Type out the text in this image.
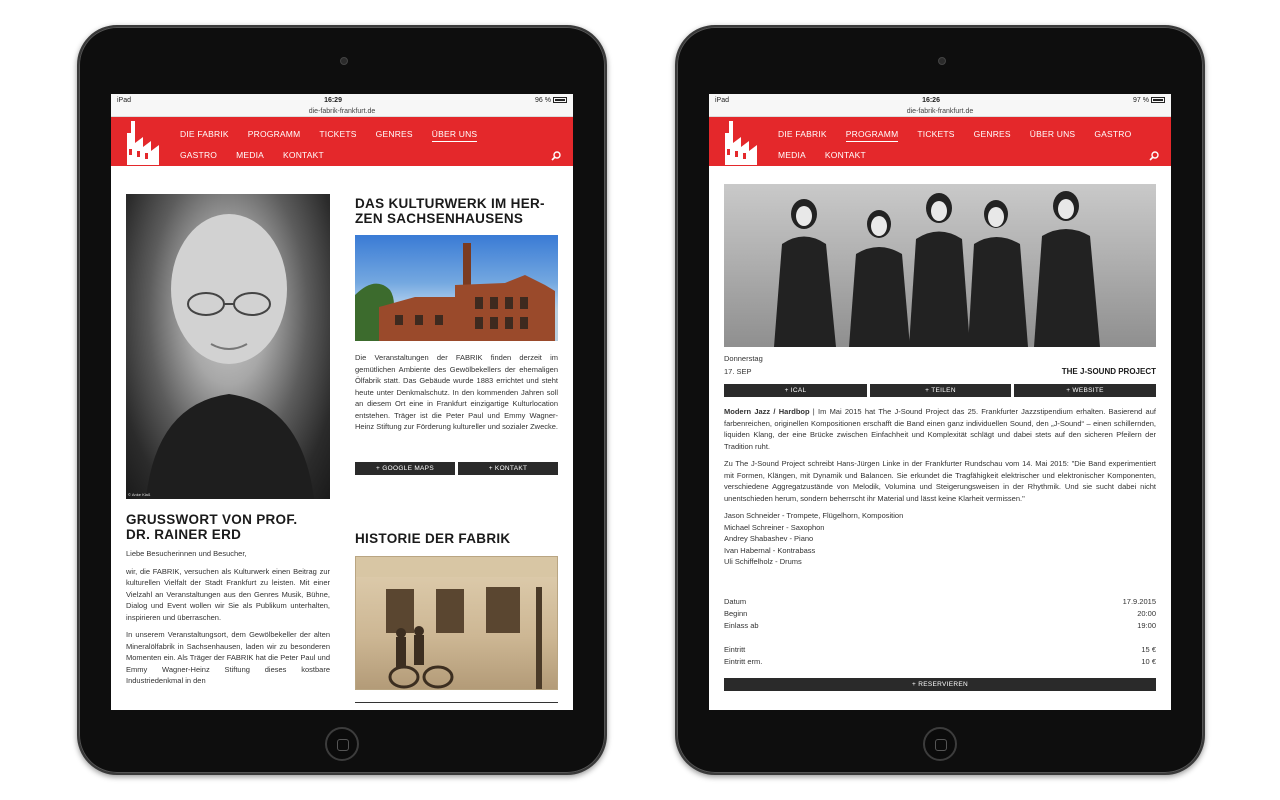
iPad	16:29	96 %
die-fabrik-frankfurt.de
DIE FABRIK PROGRAMM TICKETS GENRES ÜBER UNS
GASTRO MEDIA KONTAKT
© Anke Klaß
GRUSSWORT VON PROF.
DR. RAINER ERD

Liebe Besucherinnen und Besucher,

wir, die FABRIK, versuchen als Kulturwerk einen Beitrag zur kulturellen Vielfalt der Stadt Frankfurt zu leisten. Mit einer Vielzahl an Veranstaltungen aus den Genres Musik, Bühne, Dialog und Event wollen wir Sie als Publikum unterhalten, inspirieren und überraschen.

In unserem Veranstaltungsort, dem Gewölbekeller der alten Mineralölfabrik in Sachsenhausen, laden wir zu besonderen Momenten ein. Als Träger der FABRIK hat die Peter Paul und Emmy Wagner-Heinz Stiftung dieses kostbare Industriedenkmal in den

DAS KULTURWERK IM HER-
ZEN SACHSENHAUSENS

Die Veranstaltungen der FABRIK finden derzeit im gemütlichen Ambiente des Gewölbekellers der ehemaligen Ölfabrik statt. Das Gebäude wurde 1883 errichtet und steht heute unter Denkmalschutz. In den kommenden Jahren soll an diesem Ort eine in Frankfurt einzigartige Kulturlocation entstehen. Träger ist die Peter Paul und Emmy Wagner-Heinz Stiftung zur Förderung kultureller und sozialer Zwecke.

+ GOOGLE MAPS	+ KONTAKT
HISTORIE DER FABRIK
iPad	16:26	97 %
die-fabrik-frankfurt.de
DIE FABRIK PROGRAMM TICKETS GENRES ÜBER UNS GASTRO
MEDIA KONTAKT
Donnerstag
17. SEP	THE J-SOUND PROJECT
+ ICAL	+ TEILEN	+ WEBSITE

Modern Jazz / Hardbop | Im Mai 2015 hat The J-Sound Project das 25. Frankfurter Jazzstipendium erhalten. Basierend auf farbenreichen, originellen Kompositionen erschafft die Band einen ganz individuellen Sound, den „J-Sound“ – einen schillernden, liquiden Klang, der eine Brücke zwischen Einfachheit und Komplexität schlägt und dabei stets auf den sicheren Pfeilern der Tradition ruht.

Zu The J-Sound Project schreibt Hans-Jürgen Linke in der Frankfurter Rundschau vom 14. Mai 2015: "Die Band experimentiert mit Formen, Klängen, mit Dynamik und Balancen. Sie erkundet die Tragfähigkeit elektrischer und elektronischer Komponenten, verschiedene Aggregatzustände von Melodik, Volumina und Steigerungsweisen in der Rhythmik. Und sie sucht dabei nicht unentschieden herum, sondern beherrscht ihr Material und lässt keine Klarheit vermissen."

Jason Schneider - Trompete, Flügelhorn, Komposition
Michael Schreiner - Saxophon
Andrey Shabashev - Piano
Ivan Habernal - Kontrabass
Uli Schiffelholz - Drums
Datum	17.9.2015
Beginn	20:00
Einlass ab	19:00
Eintritt	15 €
Eintritt erm.	10 €
+ RESERVIEREN
